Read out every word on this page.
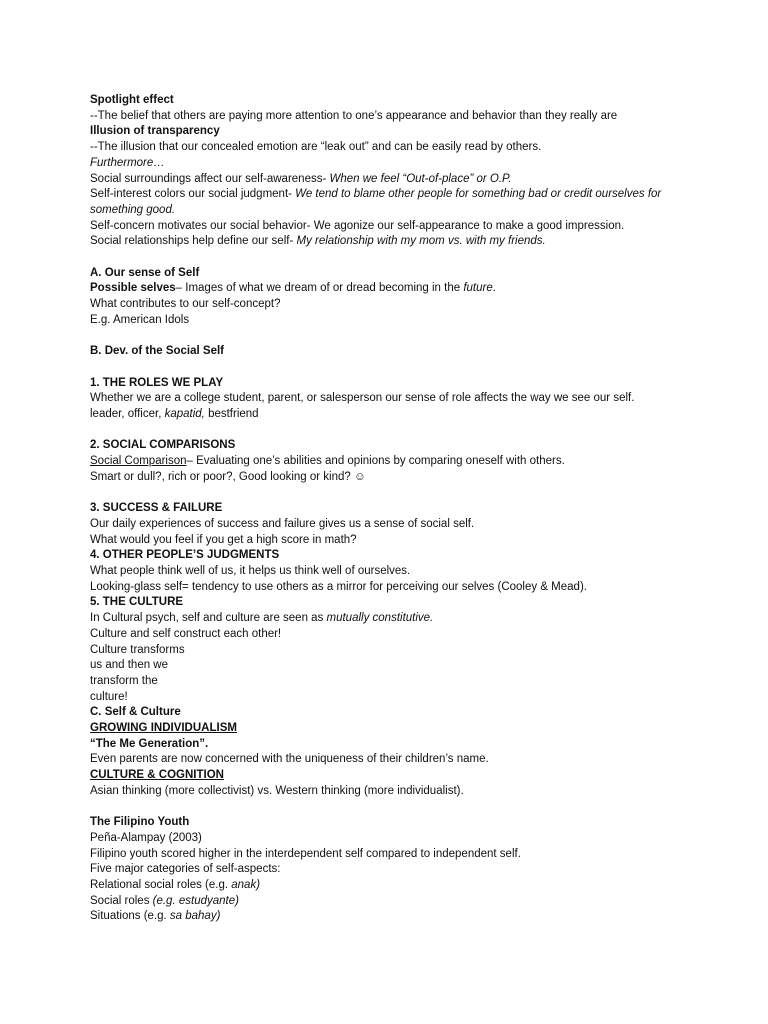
Spotlight effect
--The belief that others are paying more attention to one’s appearance and behavior than they really are
Illusion of transparency
--The illusion that our concealed emotion are “leak out” and can be easily read by others.
Furthermore…
Social surroundings affect our self-awareness- When we feel “Out-of-place” or O.P.
Self-interest colors our social judgment- We tend to blame other people for something bad or credit ourselves for something good.
Self-concern motivates our social behavior- We agonize our self-appearance to make a good impression.
Social relationships help define our self- My relationship with my mom vs. with my friends.
A. Our sense of Self
Possible selves– Images of what we dream of or dread becoming in the future.
What contributes to our self-concept?
E.g. American Idols
B. Dev. of the Social Self
1. THE ROLES WE PLAY
Whether we are a college student, parent, or salesperson our sense of role affects the way we see our self.
leader, officer, kapatid, bestfriend
2. SOCIAL COMPARISONS
Social Comparison– Evaluating one’s abilities and opinions by comparing oneself with others.
Smart or dull?, rich or poor?, Good looking or kind? ☺
3. SUCCESS & FAILURE
Our daily experiences of success and failure gives us a sense of social self.
What would you feel if you get a high score in math?
4. OTHER PEOPLE’S JUDGMENTS
What people think well of us, it helps us think well of ourselves.
Looking-glass self= tendency to use others as a mirror for perceiving our selves (Cooley & Mead).
5. THE CULTURE
In Cultural psych, self and culture are seen as mutually constitutive.
Culture and self construct each other!
Culture transforms
us and then we
transform the
culture!
C. Self & Culture
GROWING INDIVIDUALISM
“The Me Generation”.
Even parents are now concerned with the uniqueness of their children’s name.
CULTURE & COGNITION
Asian thinking (more collectivist) vs. Western thinking (more individualist).
The Filipino Youth
Peña-Alampay (2003)
Filipino youth scored higher in the interdependent self compared to independent self.
Five major categories of self-aspects:
Relational social roles (e.g. anak)
Social roles (e.g. estudyante)
Situations (e.g. sa bahay)
